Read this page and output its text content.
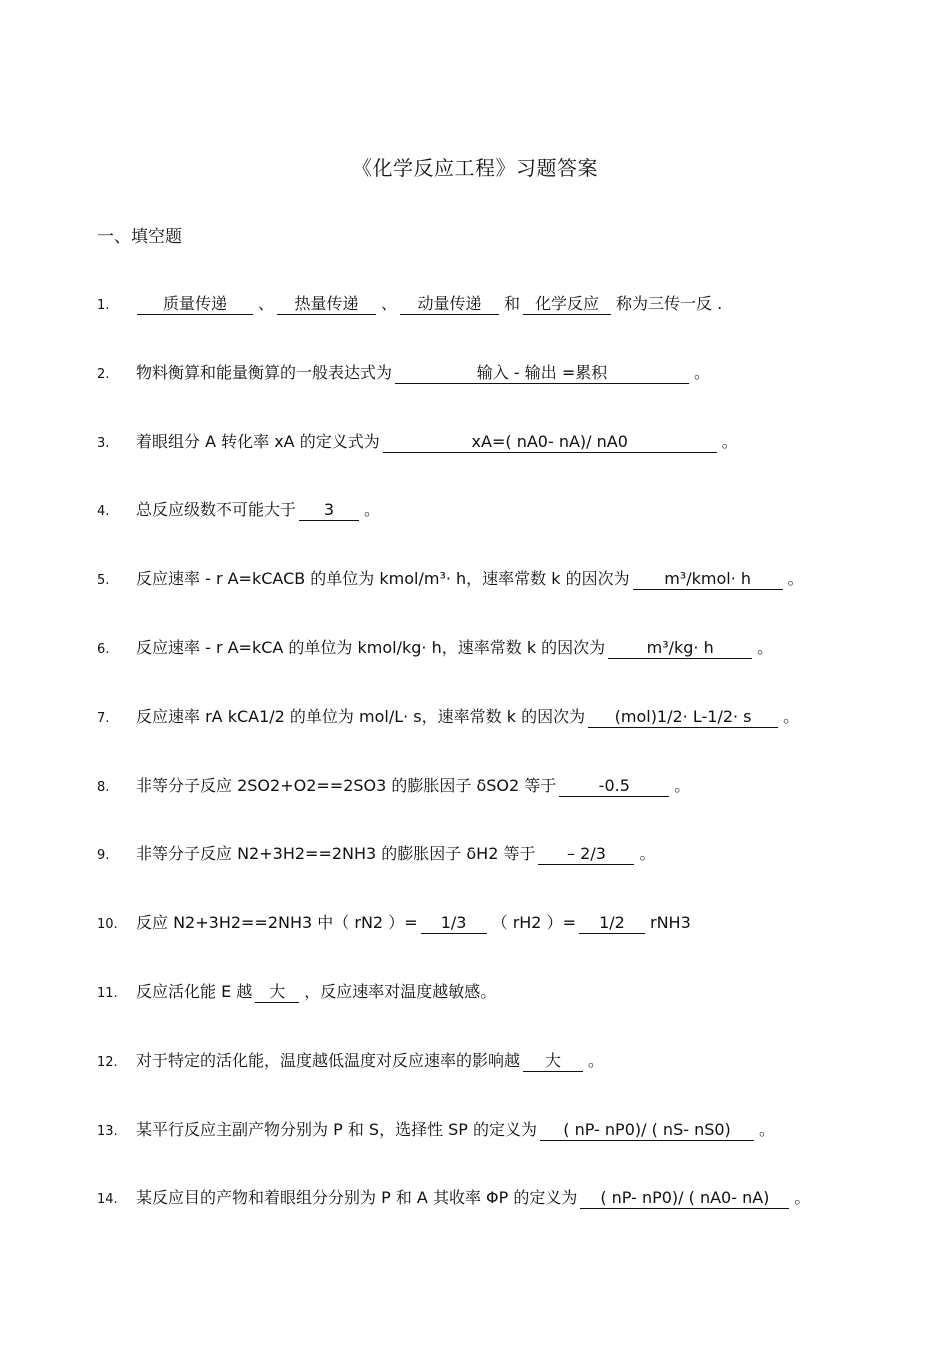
《化学反应工程》习题答案
一、填空题
1.	质量传递 、 热量传递 、 动量传递 和 化学反应 称为三传一反 .
2. 物料衡算和能量衡算的一般表达式为	输入 - 输出 =累积	。
3. 着眼组分 A 转化率 xA 的定义式为	xA=( nA0- nA)/ nA0	。
4. 总反应级数不可能大于 3 。
5. 反应速率 - r A=kCACB 的单位为 kmol/m³· h，速率常数 k 的因次为 m³/kmol· h 。
6. 反应速率 - r A=kCA 的单位为 kmol/kg· h，速率常数 k 的因次为	m³/kg· h	。
7. 反应速率 rA kCA1/2 的单位为 mol/L· s，速率常数 k 的因次为 (mol)1/2· L-1/2· s 。
8. 非等分子反应 2SO2+O2==2SO3 的膨胀因子 δSO2 等于	-0.5	。
9. 非等分子反应 N2+3H2==2NH3 的膨胀因子 δH2 等于 – 2/3 。
10. 反应 N2+3H2==2NH3 中（ rN2 ）= 1/3 （ rH2 ）= 1/2 rNH3
11. 反应活化能 E 越 大 ，反应速率对温度越敏感。
12. 对于特定的活化能，温度越低温度对反应速率的影响越 大 。
13. 某平行反应主副产物分别为 P 和 S，选择性 SP 的定义为 ( nP- nP0)/ ( nS- nS0) 。
14. 某反应目的产物和着眼组分分别为 P 和 A 其收率 ΦP 的定义为 ( nP- nP0)/ ( nA0- nA) 。
